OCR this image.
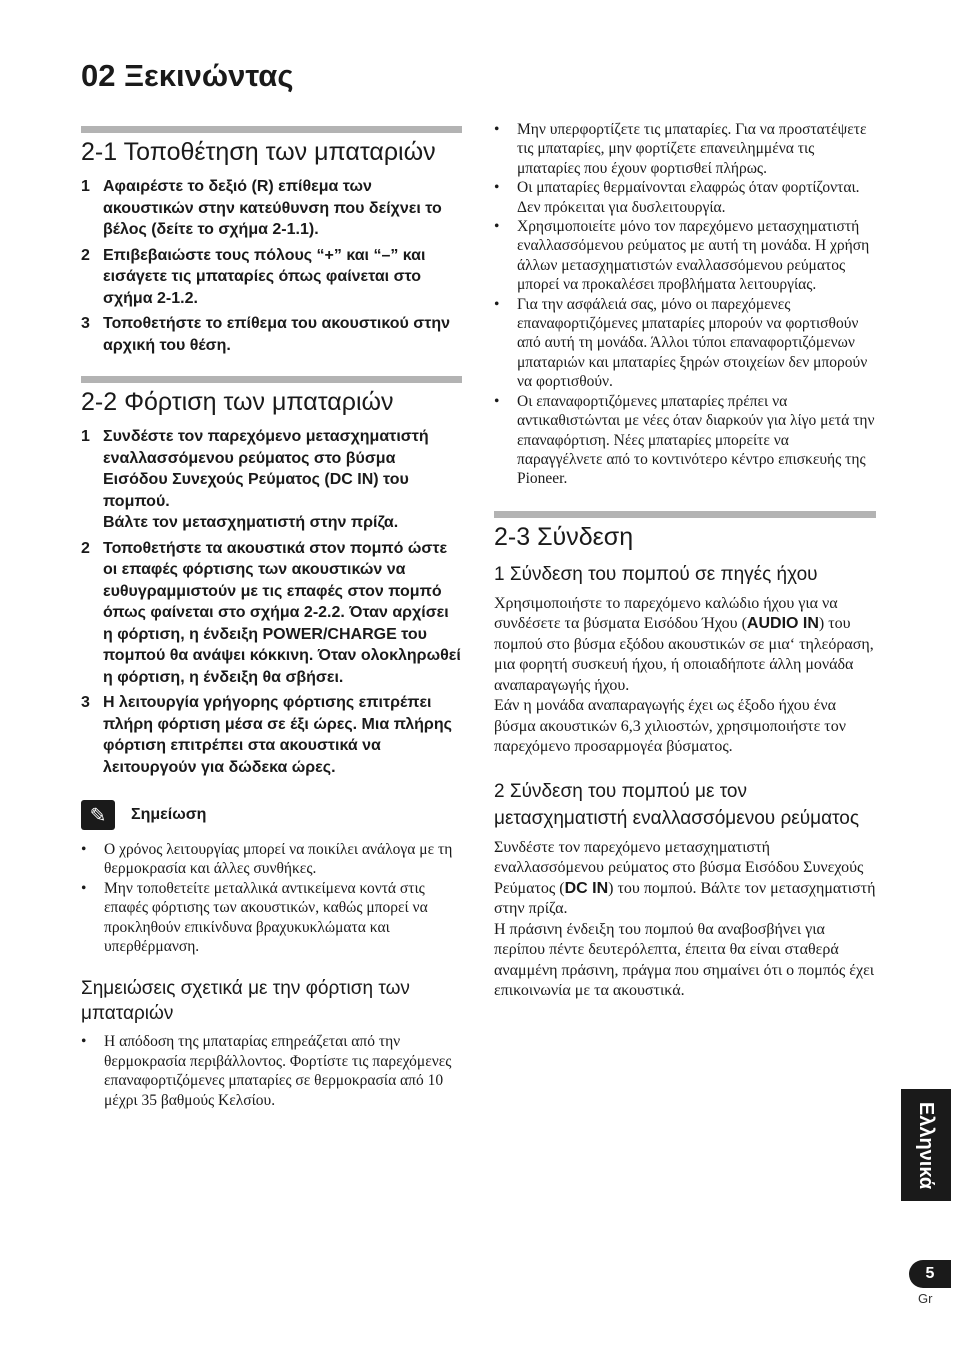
02 Ξεκινώντας
2-1 Τοποθέτηση των μπαταριών
1 Αφαιρέστε το δεξιό (R) επίθεμα των ακουστικών στην κατεύθυνση που δείχνει το βέλος (δείτε το σχήμα 2-1.1).
2 Επιβεβαιώστε τους πόλους “+” και “–” και εισάγετε τις μπαταρίες όπως φαίνεται στο σχήμα 2-1.2.
3 Τοποθετήστε το επίθεμα του ακουστικού στην αρχική του θέση.
2-2 Φόρτιση των μπαταριών
1 Συνδέστε τον παρεχόμενο μετασχηματιστή εναλλασσόμενου ρεύματος στο βύσμα Εισόδου Συνεχούς Ρεύματος (DC IN) του πομπού.
Βάλτε τον μετασχηματιστή στην πρίζα.
2 Τοποθετήστε τα ακουστικά στον πομπό ώστε οι επαφές φόρτισης των ακουστικών να ευθυγραμμιστούν με τις επαφές στον πομπό όπως φαίνεται στο σχήμα 2-2.2. Όταν αρχίσει η φόρτιση, η ένδειξη POWER/CHARGE του πομπού θα ανάψει κόκκινη. Όταν ολοκληρωθεί η φόρτιση, η ένδειξη θα σβήσει.
3 Η λειτουργία γρήγορης φόρτισης επιτρέπει πλήρη φόρτιση μέσα σε έξι ώρες. Μια πλήρης φόρτιση επιτρέπει στα ακουστικά να λειτουργούν για δώδεκα ώρες.
✎	Σημείωση
•	Ο χρόνος λειτουργίας μπορεί να ποικίλει ανάλογα με τη θερμοκρασία και άλλες συνθήκες.
•	Μην τοποθετείτε μεταλλικά αντικείμενα κοντά στις επαφές φόρτισης των ακουστικών, καθώς μπορεί να προκληθούν επικίνδυνα βραχυκυκλώματα και υπερθέρμανση.
Σημειώσεις σχετικά με την φόρτιση των μπαταριών
•	Η απόδοση της μπαταρίας επηρεάζεται από την θερμοκρασία περιβάλλοντος. Φορτίστε τις παρεχόμενες επαναφορτιζόμενες μπαταρίες σε θερμοκρασία από 10 μέχρι 35 βαθμούς Κελσίου.
•	Μην υπερφορτίζετε τις μπαταρίες. Για να προστατέψετε τις μπαταρίες, μην φορτίζετε επανειλημμένα τις μπαταρίες που έχουν φορτισθεί πλήρως.
•	Οι μπαταρίες θερμαίνονται ελαφρώς όταν φορτίζονται. Δεν πρόκειται για δυσλειτουργία.
•	Χρησιμοποιείτε μόνο τον παρεχόμενο μετασχηματιστή εναλλασσόμενου ρεύματος με αυτή τη μονάδα. Η χρήση άλλων μετασχηματιστών εναλλασσόμενου ρεύματος μπορεί να προκαλέσει προβλήματα λειτουργίας.
•	Για την ασφάλειά σας, μόνο οι παρεχόμενες επαναφορτιζόμενες μπαταρίες μπορούν να φορτισθούν από αυτή τη μονάδα. Άλλοι τύποι επαναφορτιζόμενων μπαταριών και μπαταρίες ξηρών στοιχείων δεν μπορούν να φορτισθούν.
•	Οι επαναφορτιζόμενες μπαταρίες πρέπει να αντικαθιστώνται με νέες όταν διαρκούν για λίγο μετά την επαναφόρτιση. Νέες μπαταρίες μπορείτε να παραγγέλνετε από το κοντινότερο κέντρο επισκευής της Pioneer.
2-3 Σύνδεση
1 Σύνδεση του πομπού σε πηγές ήχου

Χρησιμοποιήστε το παρεχόμενο καλώδιο ήχου για να συνδέσετε τα βύσματα Εισόδου Ήχου (AUDIO IN) του πομπού στο βύσμα εξόδου ακουστικών σε μια‘ τηλεόραση, μια φορητή συσκευή ήχου, ή οποιαδήποτε άλλη μονάδα αναπαραγωγής ήχου.

Εάν η μονάδα αναπαραγωγής έχει ως έξοδο ήχου ένα βύσμα ακουστικών 6,3 χιλιοστών, χρησιμοποιήστε τον παρεχόμενο προσαρμογέα βύσματος.

2 Σύνδεση του πομπού με τον μετασχηματιστή εναλλασσόμενου ρεύματος

Συνδέστε τον παρεχόμενο μετασχηματιστή εναλλασσόμενου ρεύματος στο βύσμα Εισόδου Συνεχούς Ρεύματος (DC IN) του πομπού. Βάλτε τον μετασχηματιστή στην πρίζα.

Η πράσινη ένδειξη του πομπού θα αναβοσβήνει για περίπου πέντε δευτερόλεπτα, έπειτα θα είναι σταθερά αναμμένη πράσινη, πράγμα που σημαίνει ότι ο πομπός έχει επικοινωνία με τα ακουστικά.

Ελληνικά
5
Gr
